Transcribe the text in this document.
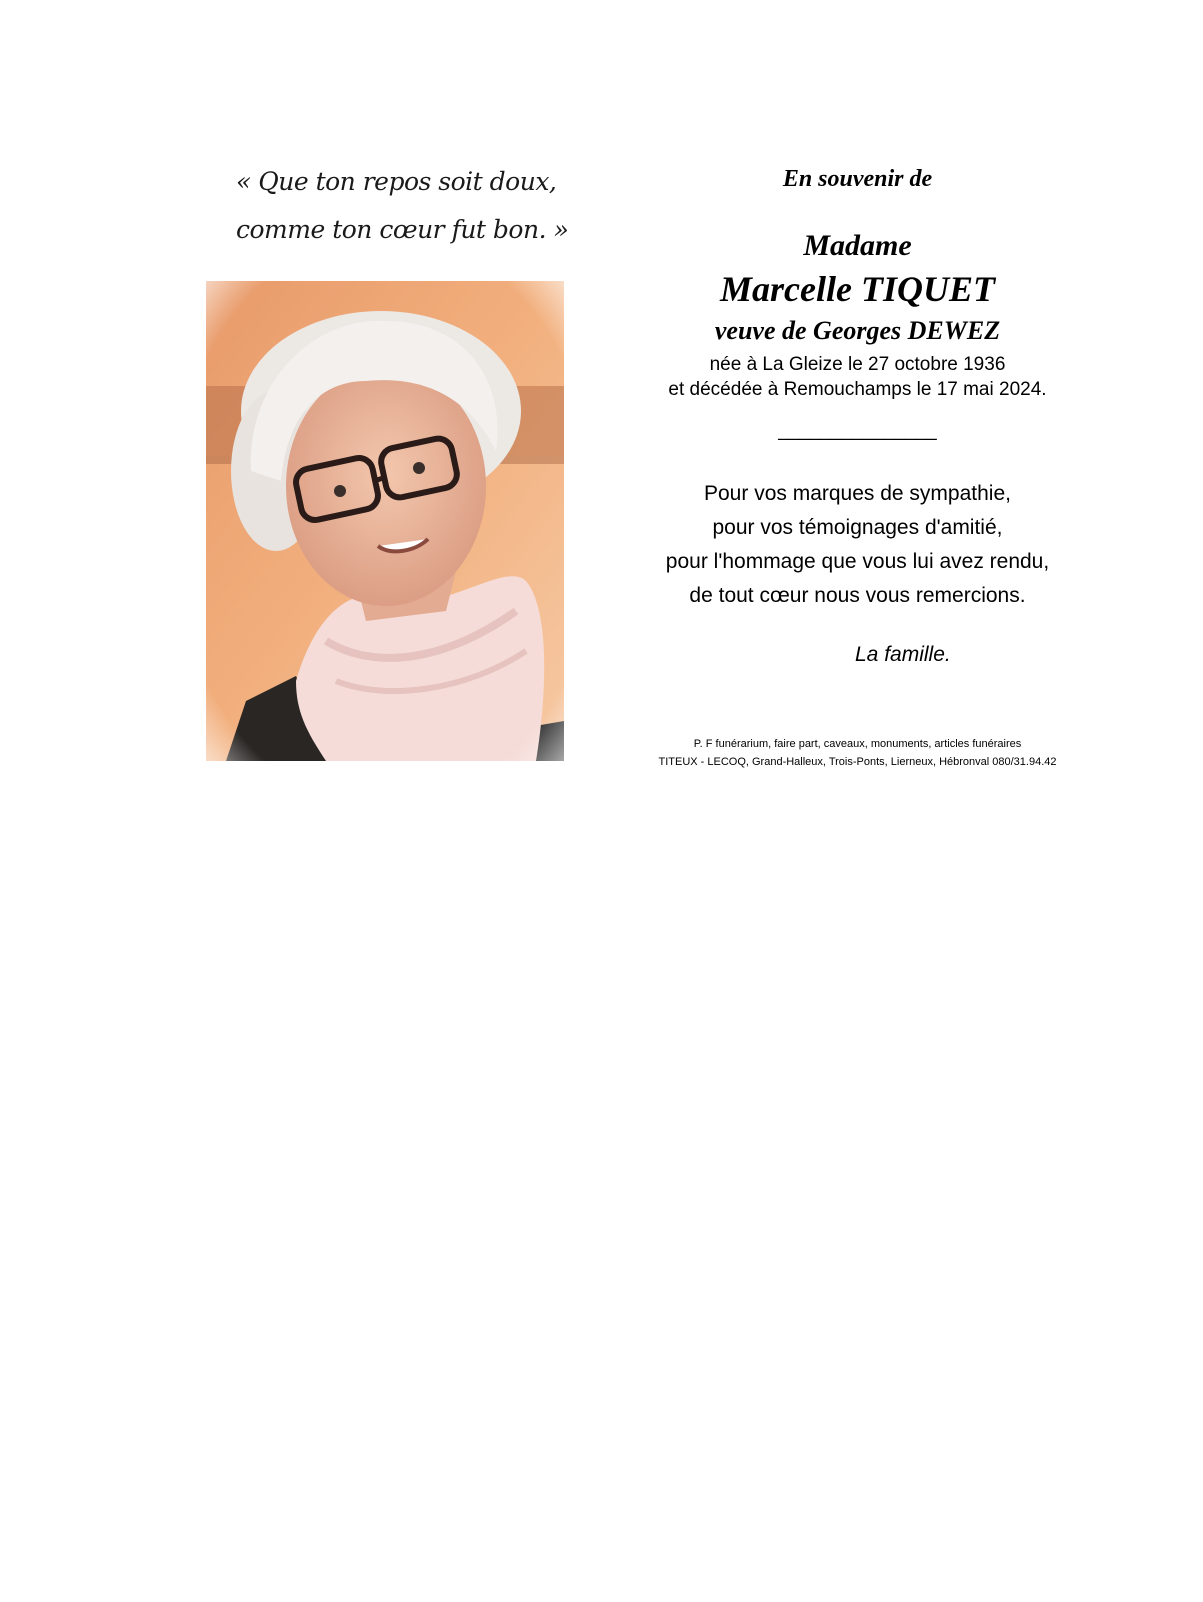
« Que ton repos soit doux,
comme ton cœur fut bon. »
En souvenir de
Madame
Marcelle TIQUET
veuve de Georges DEWEZ
née à La Gleize le 27 octobre 1936
et décédée à Remouchamps le 17 mai 2024.
_______________
Pour vos marques de sympathie,
pour vos témoignages d'amitié,
pour l'hommage que vous lui avez rendu,
de tout cœur nous vous remercions.
La famille.
P. F funérarium, faire part, caveaux, monuments, articles funéraires
TITEUX - LECOQ, Grand-Halleux, Trois-Ponts, Lierneux, Hébronval 080/31.94.42
